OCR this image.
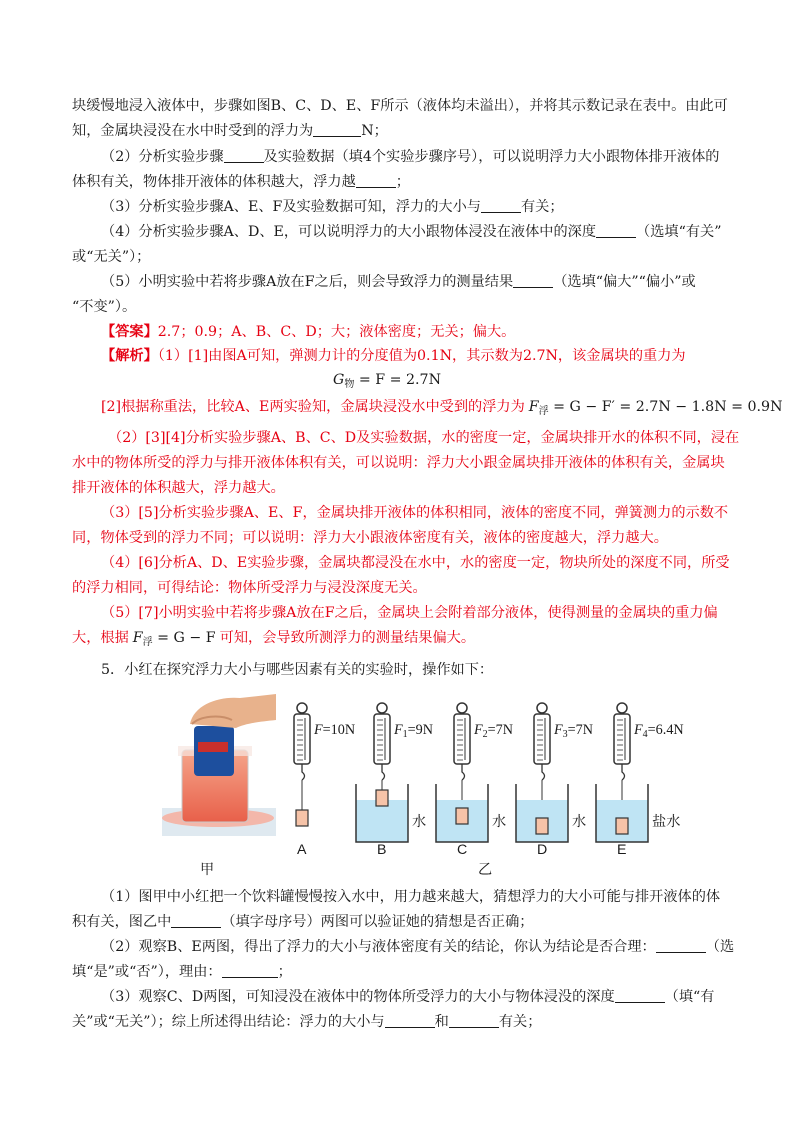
块缓慢地浸入液体中，步骤如图B、C、D、E、F所示（液体均未溢出），并将其示数记录在表中。由此可
知，金属块浸没在水中时受到的浮力为	N；
（2）分析实验步骤	及实验数据（填4个实验步骤序号），可以说明浮力大小跟物体排开液体的
体积有关，物体排开液体的体积越大，浮力越	；
（3）分析实验步骤A、E、F及实验数据可知，浮力的大小与	有关；
（4）分析实验步骤A、D、E，可以说明浮力的大小跟物体浸没在液体中的深度	（选填“有关”
或“无关”）；
（5）小明实验中若将步骤A放在F之后，则会导致浮力的测量结果	（选填“偏大”“偏小”或
“不变”）。
【答案】2.7；0.9；A、B、C、D；大；液体密度；无关；偏大。
【解析】（1）[1]由图A可知，弹测力计的分度值为0.1N，其示数为2.7N，该金属块的重力为
$G_物 = F = 2.7N$
[2]根据称重法，比较A、E两实验知，金属块浸没水中受到的浮力为 $F_浮 = G - F' = 2.7N - 1.8N = 0.9N$
（2）[3][4]分析实验步骤A、B、C、D及实验数据，水的密度一定，金属块排开水的体积不同，浸在
水中的物体所受的浮力与排开液体体积有关，可以说明：浮力大小跟金属块排开液体的体积有关，金属块
排开液体的体积越大，浮力越大。
（3）[5]分析实验步骤A、E、F，金属块排开液体的体积相同，液体的密度不同，弹簧测力的示数不
同，物体受到的浮力不同；可以说明：浮力大小跟液体密度有关，液体的密度越大，浮力越大。
（4）[6]分析A、D、E实验步骤，金属块都浸没在水中，水的密度一定，物块所处的深度不同，所受
的浮力相同，可得结论：物体所受浮力与浸没深度无关。
（5）[7]小明实验中若将步骤A放在F之后，金属块上会附着部分液体，使得测量的金属块的重力偏
大，根据 $F_浮 = G - F$ 可知，会导致所测浮力的测量结果偏大。
5．小红在探究浮力大小与哪些因素有关的实验时，操作如下：
甲	乙
F=10N
A
$F_1=9N$
B
水
$F_2=7N$
C
水
$F_3=7N$
D
水
$F_4=6.4N$
E
盐水
（1）图甲中小红把一个饮料罐慢慢按入水中，用力越来越大，猜想浮力的大小可能与排开液体的体
积有关，图乙中	（填字母序号）两图可以验证她的猜想是否正确；
（2）观察B、E两图，得出了浮力的大小与液体密度有关的结论，你认为结论是否合理：	（选
填“是”或“否”），理由：	；
（3）观察C、D两图，可知浸没在液体中的物体所受浮力的大小与物体浸没的深度	（填“有
关”或“无关”）；综上所述得出结论：浮力的大小与	和	有关；
